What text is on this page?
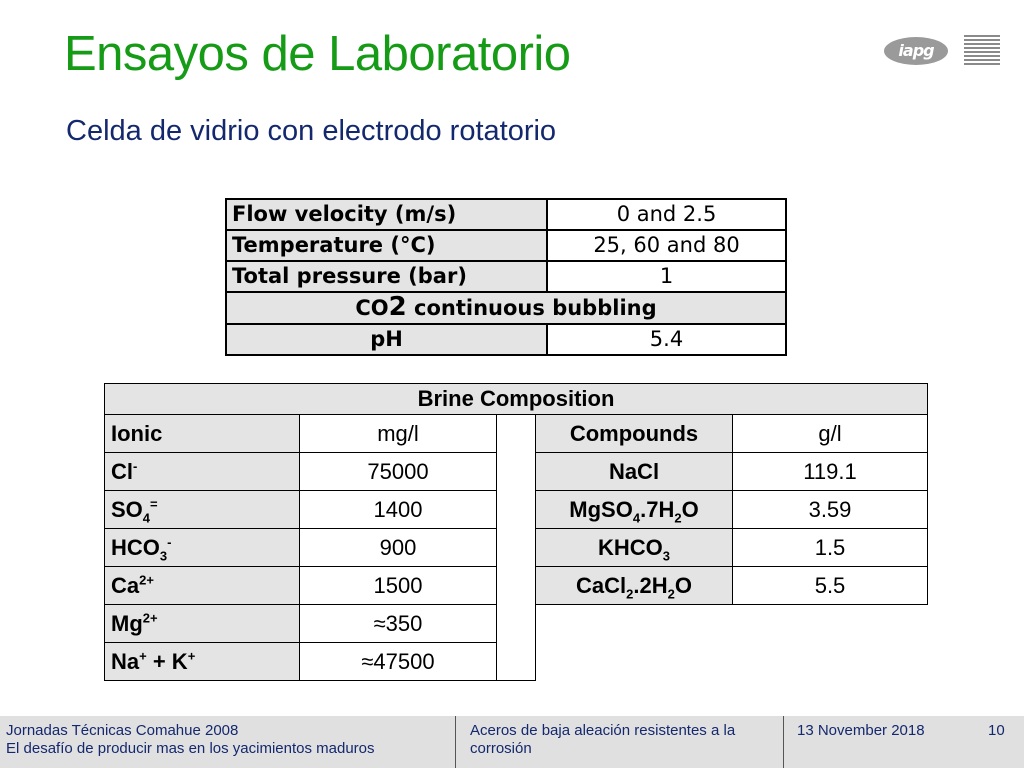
Ensayos de Laboratorio
Celda de vidrio con electrodo rotatorio
iapg
Flow velocity (m/s)	0 and 2.5
Temperature (°C)	25, 60 and 80
Total pressure (bar)	1
CO2 continuous bubbling	
pH	5.4
Brine Composition				
Ionic	mg/l		Compounds	g/l
Cl-	75000		NaCl	119.1
$SO_4^=$	1400		$MgSO_4.7H_2O$	3.59
$HCO_3^-$	900		$KHCO_3$	1.5
$Ca^{2+}$	1500		$CaCl_2.2H_2O$	5.5
$Mg^{2+}$	≈350			
Na+ + K+	≈47500			
Jornadas Técnicas Comahue 2008
El desafío de producir mas en los yacimientos maduros
Aceros de baja aleación resistentes a la corrosión
13 November 2018	10
